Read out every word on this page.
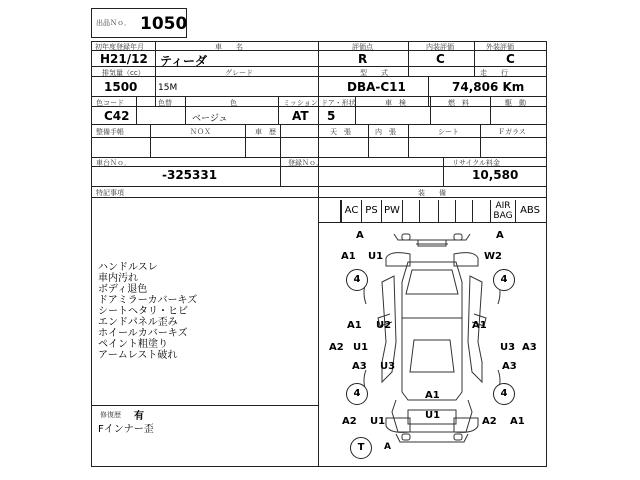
出品Ｎｏ． 1050
初年度登録年月
H21/12
車　　名
ティーダ
評価点
R
内装評価
C
外装評価
C
排気量（cc）
1500
グレード
15M
型　　式
DBA-C11
走　　行
74,806 Km
色コード
C42
色替	色
ベージュ
ミッション
AT
ドア・形状
5
車　検	燃　料	駆　動
整備手帳	ＮＯＸ	車　歴	天　張	内　張	シート	Ｆガラス
車台Ｎｏ．
-325331
登録Ｎｏ．	リサイクル料金
10,580
特記事項
ハンドルスレ
車内汚れ
ボディ退色
ドアミラーカバーキズ
シートヘタリ・ヒビ
エンドパネル歪み
ホイールカバーキズ
ペイント粗塗り
アームレスト破れ
修復歴 有
Fインナー歪
装　　備
AC PS PW	AIR BAG ABS
A	A
A1 U1	W2
4	4
A1 U2	A1
A2 U1	U3 A3
A3 U3	A3
4	4
A1
U1
A2 U1	A2 A1
T	A
